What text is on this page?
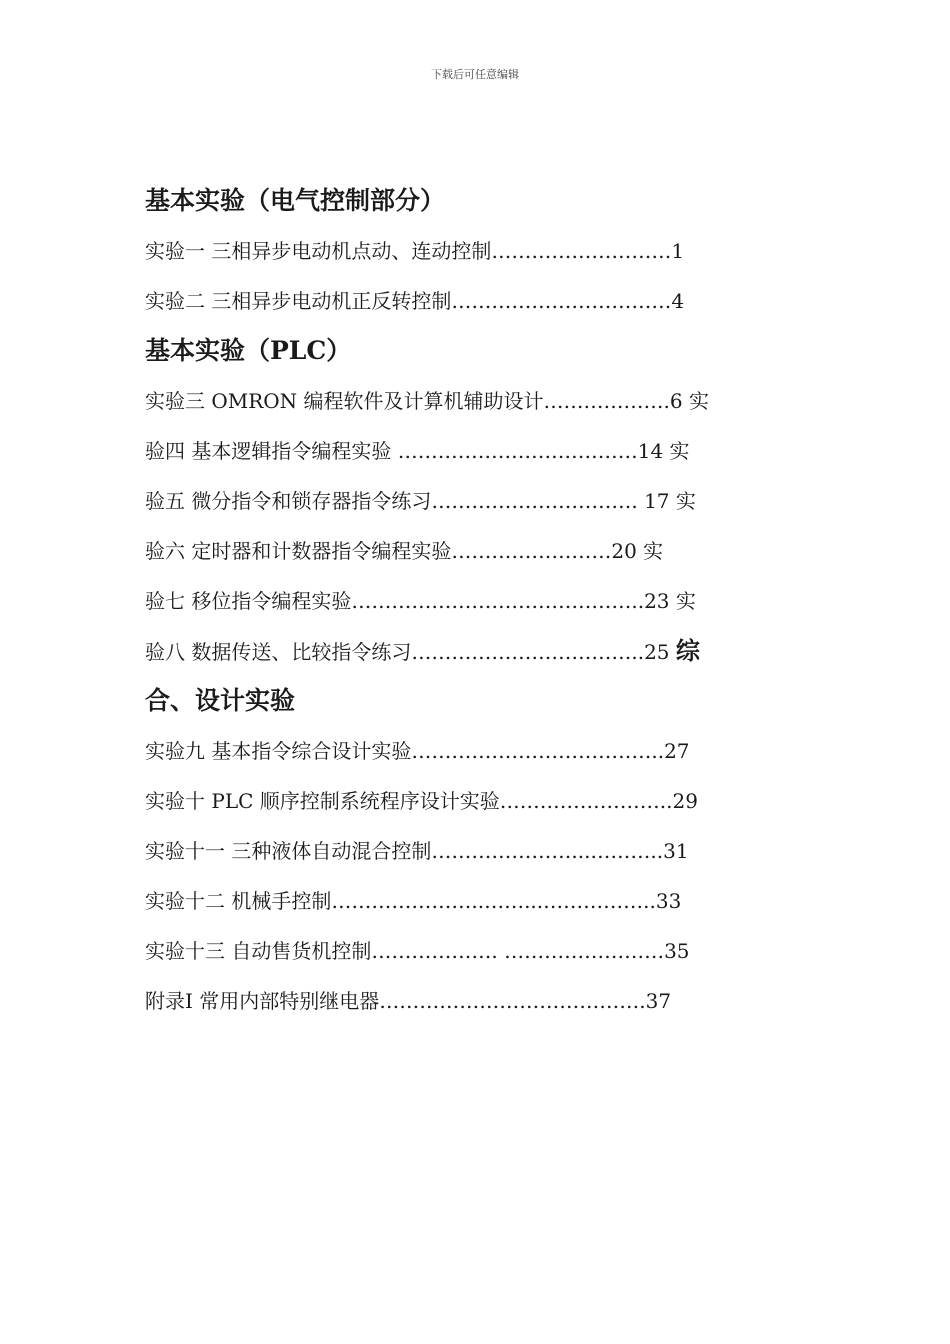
下载后可任意编辑
基本实验（电气控制部分）
实验一 三相异步电动机点动、连动控制………………………1
实验二 三相异步电动机正反转控制……………………………4
基本实验（PLC）
实验三 OMRON 编程软件及计算机辅助设计……………….6 实
验四 基本逻辑指令编程实验 ………………………………14 实
验五 微分指令和锁存器指令练习…………………………. 17 实
验六 定时器和计数器指令编程实验……………………20 实
验七 移位指令编程实验……………………………………..23 实
验八 数据传送、比较指令练习……………………………..25 综
合、设计实验
实验九 基本指令综合设计实验………………………………..27
实验十 PLC 顺序控制系统程序设计实验……………………..29
实验十一 三种液体自动混合控制…………………...………..31
实验十二 机械手控制…………………..……...……………..33
实验十三 自动售货机控制………………. ……………………35
附录Ⅰ 常用内部特别继电器………………………………….37
